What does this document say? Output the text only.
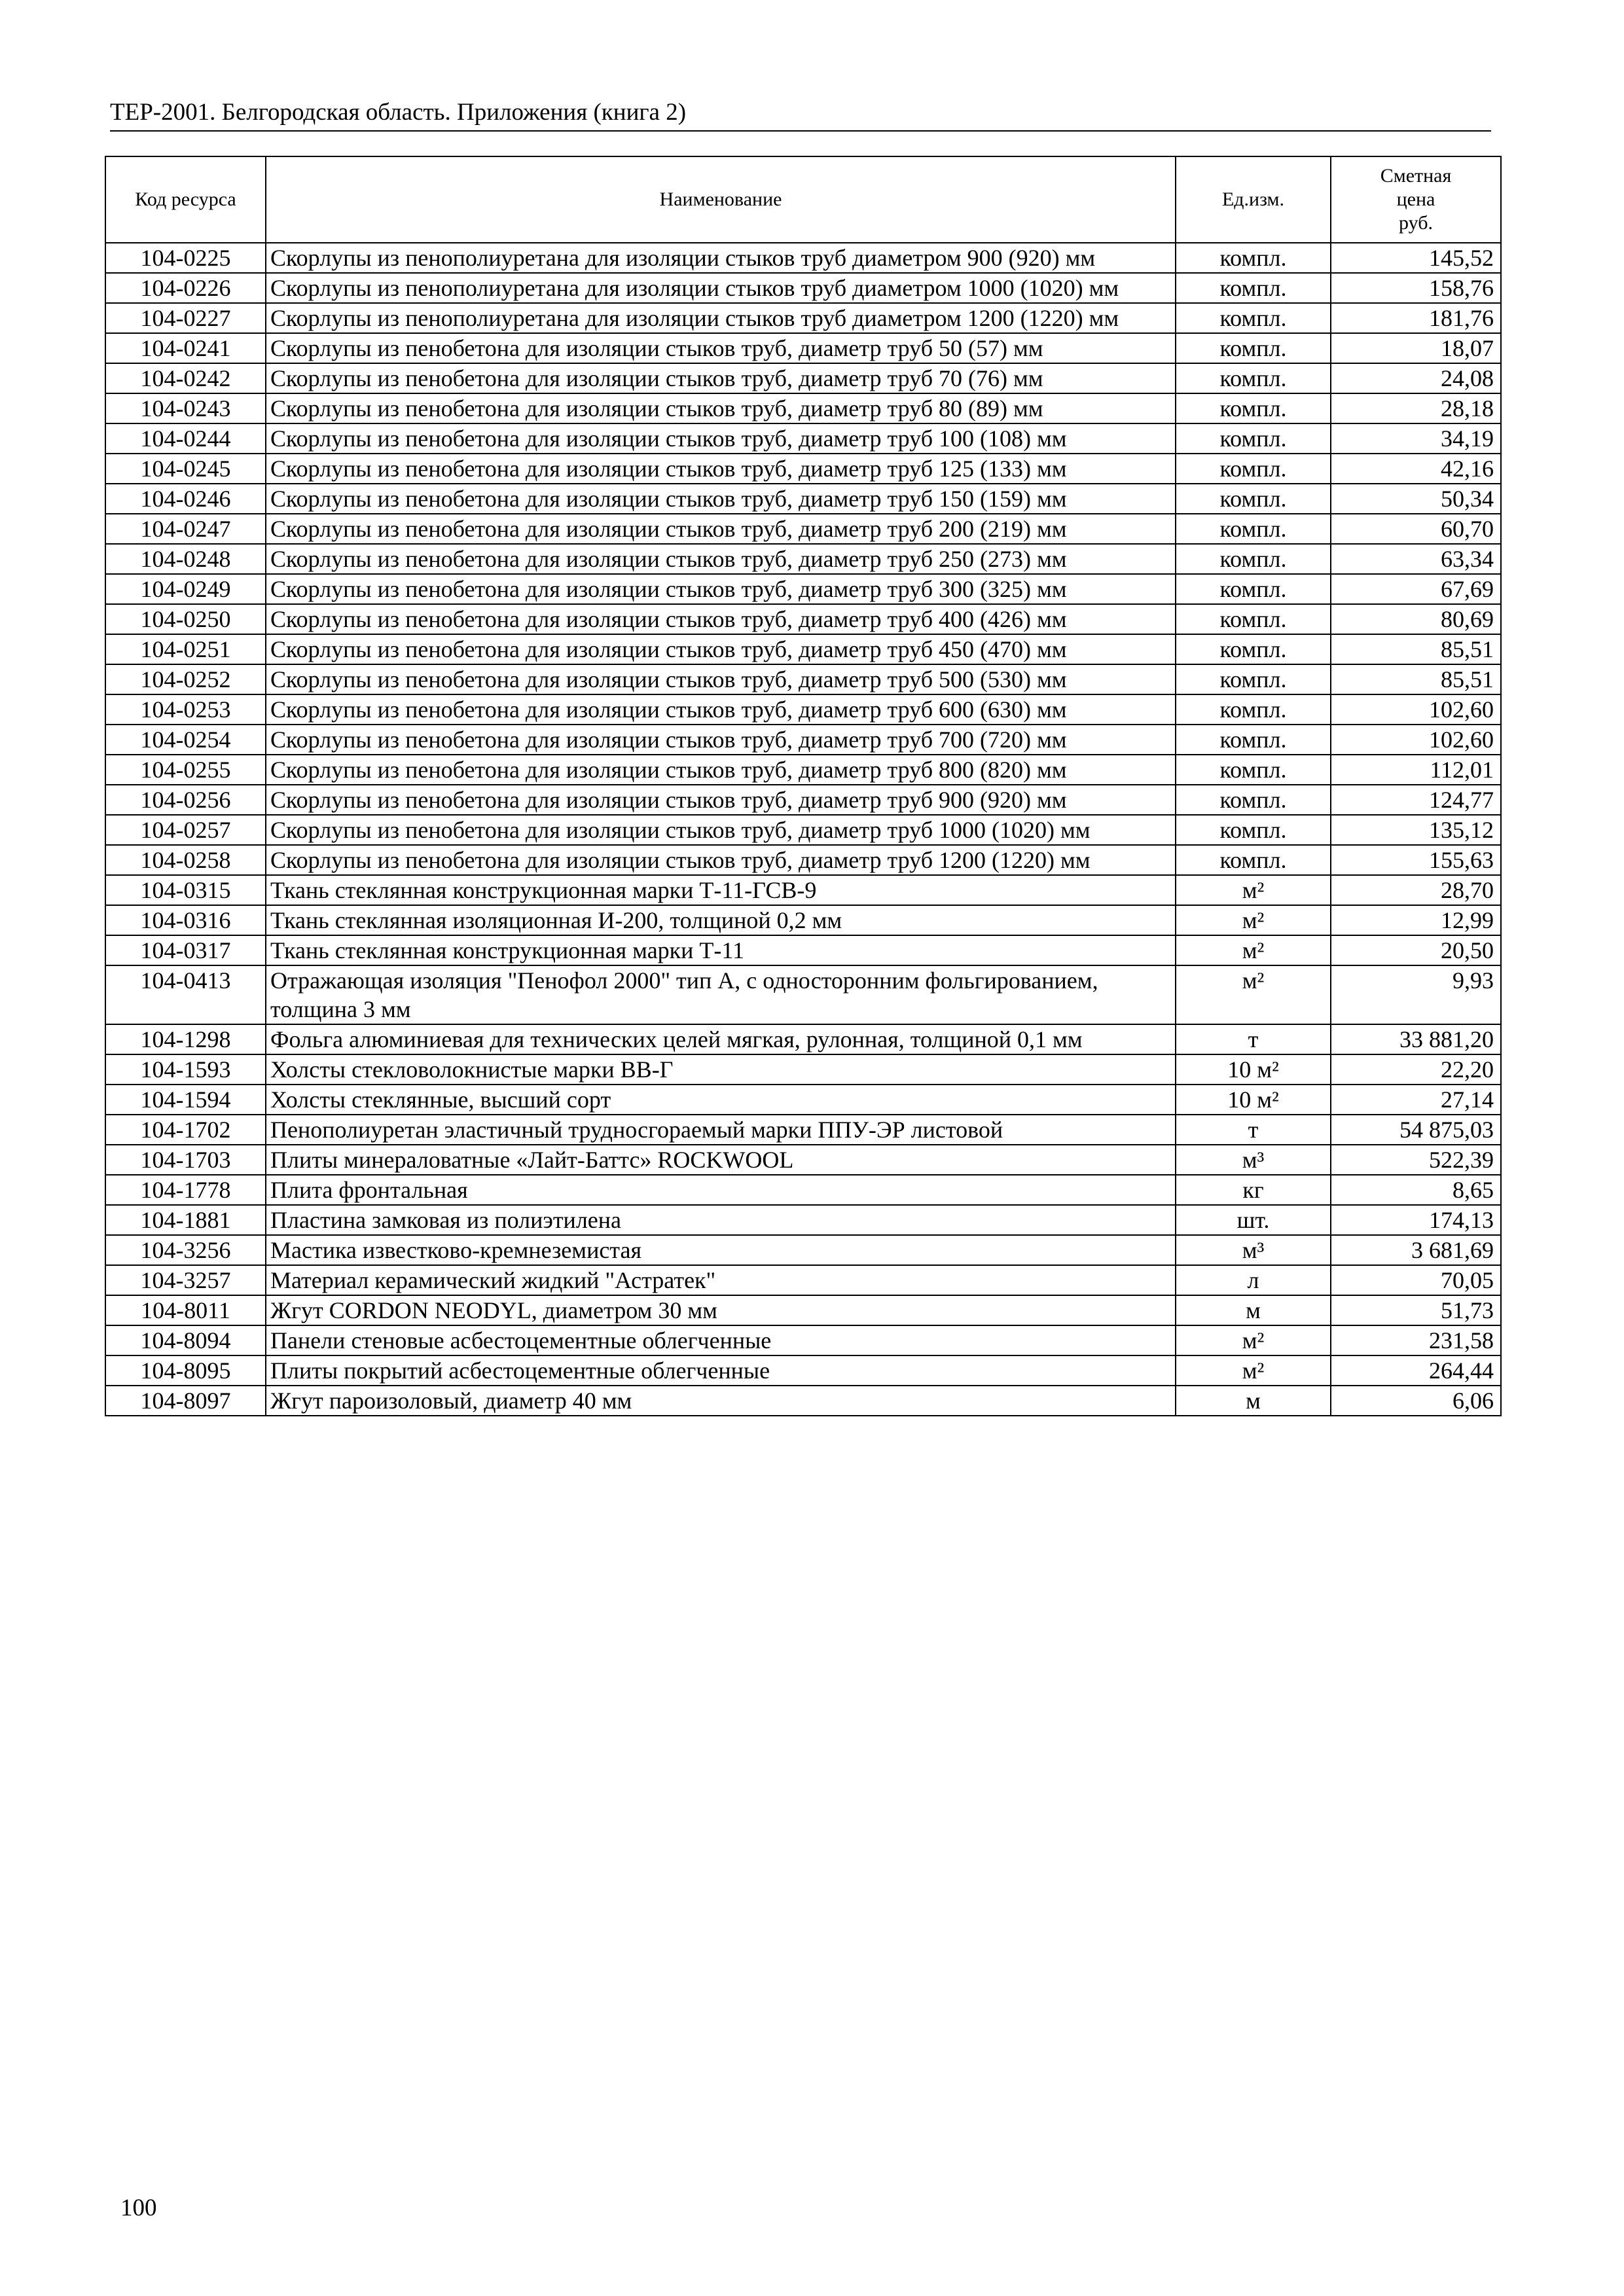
ТЕР-2001. Белгородская область. Приложения (книга 2)
Код ресурса	Наименование	Ед.изм.	Сметная
цена
руб.

104-0225	Скорлупы из пенополиуретана для изоляции стыков труб диаметром 900 (920) мм	компл.	145,52
104-0226	Скорлупы из пенополиуретана для изоляции стыков труб диаметром 1000 (1020) мм	компл.	158,76
104-0227	Скорлупы из пенополиуретана для изоляции стыков труб диаметром 1200 (1220) мм	компл.	181,76
104-0241	Скорлупы из пенобетона для изоляции стыков труб, диаметр труб 50 (57) мм	компл.	18,07
104-0242	Скорлупы из пенобетона для изоляции стыков труб, диаметр труб 70 (76) мм	компл.	24,08
104-0243	Скорлупы из пенобетона для изоляции стыков труб, диаметр труб 80 (89) мм	компл.	28,18
104-0244	Скорлупы из пенобетона для изоляции стыков труб, диаметр труб 100 (108) мм	компл.	34,19
104-0245	Скорлупы из пенобетона для изоляции стыков труб, диаметр труб 125 (133) мм	компл.	42,16
104-0246	Скорлупы из пенобетона для изоляции стыков труб, диаметр труб 150 (159) мм	компл.	50,34
104-0247	Скорлупы из пенобетона для изоляции стыков труб, диаметр труб 200 (219) мм	компл.	60,70
104-0248	Скорлупы из пенобетона для изоляции стыков труб, диаметр труб 250 (273) мм	компл.	63,34
104-0249	Скорлупы из пенобетона для изоляции стыков труб, диаметр труб 300 (325) мм	компл.	67,69
104-0250	Скорлупы из пенобетона для изоляции стыков труб, диаметр труб 400 (426) мм	компл.	80,69
104-0251	Скорлупы из пенобетона для изоляции стыков труб, диаметр труб 450 (470) мм	компл.	85,51
104-0252	Скорлупы из пенобетона для изоляции стыков труб, диаметр труб 500 (530) мм	компл.	85,51
104-0253	Скорлупы из пенобетона для изоляции стыков труб, диаметр труб 600 (630) мм	компл.	102,60
104-0254	Скорлупы из пенобетона для изоляции стыков труб, диаметр труб 700 (720) мм	компл.	102,60
104-0255	Скорлупы из пенобетона для изоляции стыков труб, диаметр труб 800 (820) мм	компл.	112,01
104-0256	Скорлупы из пенобетона для изоляции стыков труб, диаметр труб 900 (920) мм	компл.	124,77
104-0257	Скорлупы из пенобетона для изоляции стыков труб, диаметр труб 1000 (1020) мм	компл.	135,12
104-0258	Скорлупы из пенобетона для изоляции стыков труб, диаметр труб 1200 (1220) мм	компл.	155,63
104-0315	Ткань стеклянная конструкционная марки Т-11-ГСВ-9	м²	28,70
104-0316	Ткань стеклянная изоляционная И-200, толщиной 0,2 мм	м²	12,99
104-0317	Ткань стеклянная конструкционная марки Т-11	м²	20,50
104-0413	Отражающая изоляция "Пенофол 2000" тип А, с односторонним фольгированием, толщина 3 мм	м²	9,93
104-1298	Фольга алюминиевая для технических целей мягкая, рулонная, толщиной 0,1 мм	т	33 881,20
104-1593	Холсты стекловолокнистые марки ВВ-Г	10 м²	22,20
104-1594	Холсты стеклянные, высший сорт	10 м²	27,14
104-1702	Пенополиуретан эластичный трудносгораемый марки ППУ-ЭР листовой	т	54 875,03
104-1703	Плиты минераловатные «Лайт-Баттс» ROCKWOOL	м³	522,39
104-1778	Плита фронтальная	кг	8,65
104-1881	Пластина замковая из полиэтилена	шт.	174,13
104-3256	Мастика известково-кремнеземистая	м³	3 681,69
104-3257	Материал керамический жидкий "Астратек"	л	70,05
104-8011	Жгут CORDON NEODYL, диаметром 30 мм	м	51,73
104-8094	Панели стеновые асбестоцементные облегченные	м²	231,58
104-8095	Плиты покрытий асбестоцементные облегченные	м²	264,44
104-8097	Жгут пароизоловый, диаметр 40 мм	м	6,06
100
